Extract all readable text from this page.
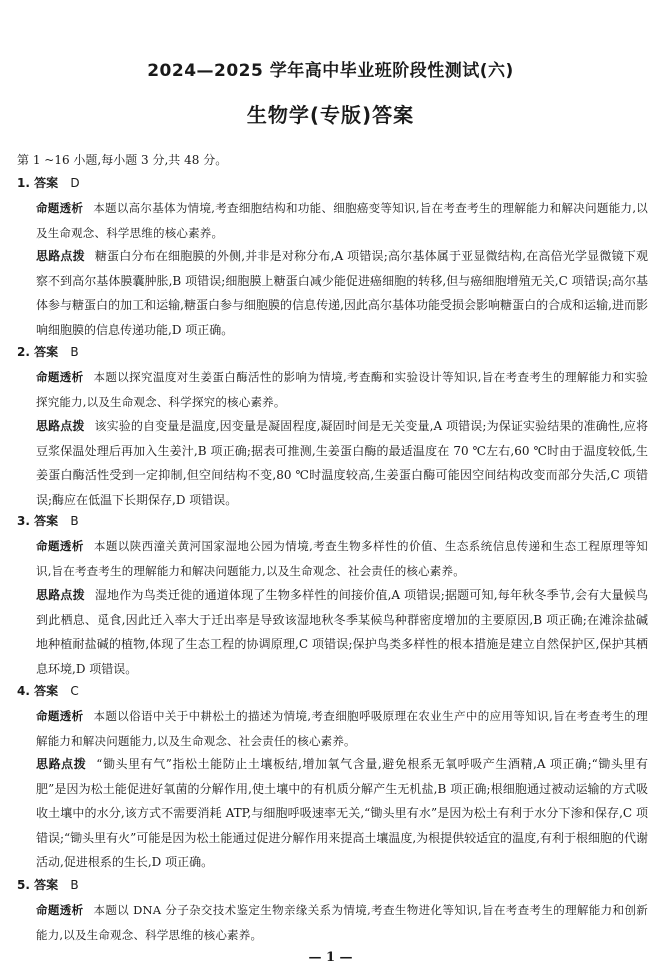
2024—2025 学年高中毕业班阶段性测试(六)
生物学(专版)答案
第 1 ~16 小题,每小题 3 分,共 48 分。
1. 答案 D
命题透析 本题以高尔基体为情境,考查细胞结构和功能、细胞癌变等知识,旨在考查考生的理解能力和解决问题能力,以及生命观念、科学思维的核心素养。
思路点拨 糖蛋白分布在细胞膜的外侧,并非是对称分布,A 项错误;高尔基体属于亚显微结构,在高倍光学显微镜下观察不到高尔基体膜囊肿胀,B 项错误;细胞膜上糖蛋白减少能促进癌细胞的转移,但与癌细胞增殖无关,C 项错误;高尔基体参与糖蛋白的加工和运输,糖蛋白参与细胞膜的信息传递,因此高尔基体功能受损会影响糖蛋白的合成和运输,进而影响细胞膜的信息传递功能,D 项正确。
2. 答案 B
命题透析 本题以探究温度对生姜蛋白酶活性的影响为情境,考查酶和实验设计等知识,旨在考查考生的理解能力和实验探究能力,以及生命观念、科学探究的核心素养。
思路点拨 该实验的自变量是温度,因变量是凝固程度,凝固时间是无关变量,A 项错误;为保证实验结果的准确性,应将豆浆保温处理后再加入生姜汁,B 项正确;据表可推测,生姜蛋白酶的最适温度在 70 ℃左右,60 ℃时由于温度较低,生姜蛋白酶活性受到一定抑制,但空间结构不变,80 ℃时温度较高,生姜蛋白酶可能因空间结构改变而部分失活,C 项错误;酶应在低温下长期保存,D 项错误。
3. 答案 B
命题透析 本题以陕西潼关黄河国家湿地公园为情境,考查生物多样性的价值、生态系统信息传递和生态工程原理等知识,旨在考查考生的理解能力和解决问题能力,以及生命观念、社会责任的核心素养。
思路点拨 湿地作为鸟类迁徙的通道体现了生物多样性的间接价值,A 项错误;据题可知,每年秋冬季节,会有大量候鸟到此栖息、觅食,因此迁入率大于迁出率是导致该湿地秋冬季某候鸟种群密度增加的主要原因,B 项正确;在滩涂盐碱地种植耐盐碱的植物,体现了生态工程的协调原理,C 项错误;保护鸟类多样性的根本措施是建立自然保护区,保护其栖息环境,D 项错误。
4. 答案 C
命题透析 本题以俗语中关于中耕松土的描述为情境,考查细胞呼吸原理在农业生产中的应用等知识,旨在考查考生的理解能力和解决问题能力,以及生命观念、社会责任的核心素养。
思路点拨 “锄头里有气”指松土能防止土壤板结,增加氧气含量,避免根系无氧呼吸产生酒精,A 项正确;“锄头里有肥”是因为松土能促进好氧菌的分解作用,使土壤中的有机质分解产生无机盐,B 项正确;根细胞通过被动运输的方式吸收土壤中的水分,该方式不需要消耗 ATP,与细胞呼吸速率无关,“锄头里有水”是因为松土有利于水分下渗和保存,C 项错误;“锄头里有火”可能是因为松土能通过促进分解作用来提高土壤温度,为根提供较适宜的温度,有利于根细胞的代谢活动,促进根系的生长,D 项正确。
5. 答案 B
命题透析 本题以 DNA 分子杂交技术鉴定生物亲缘关系为情境,考查生物进化等知识,旨在考查考生的理解能力和创新能力,以及生命观念、科学思维的核心素养。
— 1 —
